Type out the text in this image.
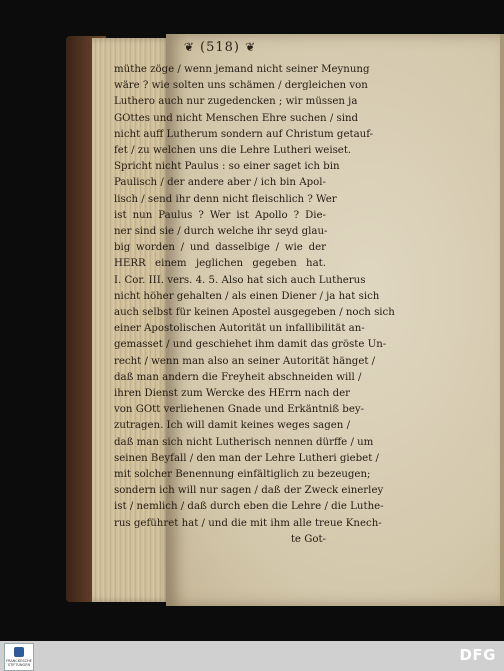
❦ (518) ❦
müthe zöge / wenn jemand nicht seiner Meynung
wäre ? wie solten uns schämen / dergleichen von
Luthero auch nur zugedencken ; wir müssen ja
GOttes und nicht Menschen Ehre suchen / sind
nicht auff Lutherum sondern auf Christum getauf-
fet / zu welchen uns die Lehre Lutheri weiset.
Spricht nicht Paulus : so einer saget ich bin
Paulisch / der andere aber / ich bin Apol-
lisch / send ihr denn nicht fleischlich ? Wer
ist nun Paulus ? Wer ist Apollo ? Die-
ner sind sie / durch welche ihr seyd glau-
big worden / und dasselbige / wie der
HERR einem jeglichen gegeben hat.
I. Cor. III. vers. 4. 5. Also hat sich auch Lutherus
nicht höher gehalten / als einen Diener / ja hat sich
auch selbst für keinen Apostel ausgegeben / noch sich
einer Apostolischen Autorität un infallibilität an-
gemasset / und geschiehet ihm damit das gröste Un-
recht / wenn man also an seiner Autorität hänget /
daß man andern die Freyheit abschneiden will /
ihren Dienst zum Wercke des HErrn nach der
von GOtt verliehenen Gnade und Erkäntniß bey-
zutragen. Ich will damit keines weges sagen /
daß man sich nicht Lutherisch nennen dürffe / um
seinen Beyfall / den man der Lehre Lutheri giebet /
mit solcher Benennung einfältiglich zu bezeugen;
sondern ich will nur sagen / daß der Zweck einerley
ist / nemlich / daß durch eben die Lehre / die Luthe-
rus geführet hat / und die mit ihm alle treue Knech-
te Got-
FRANCKESCHE STIFTUNGEN
DFG
